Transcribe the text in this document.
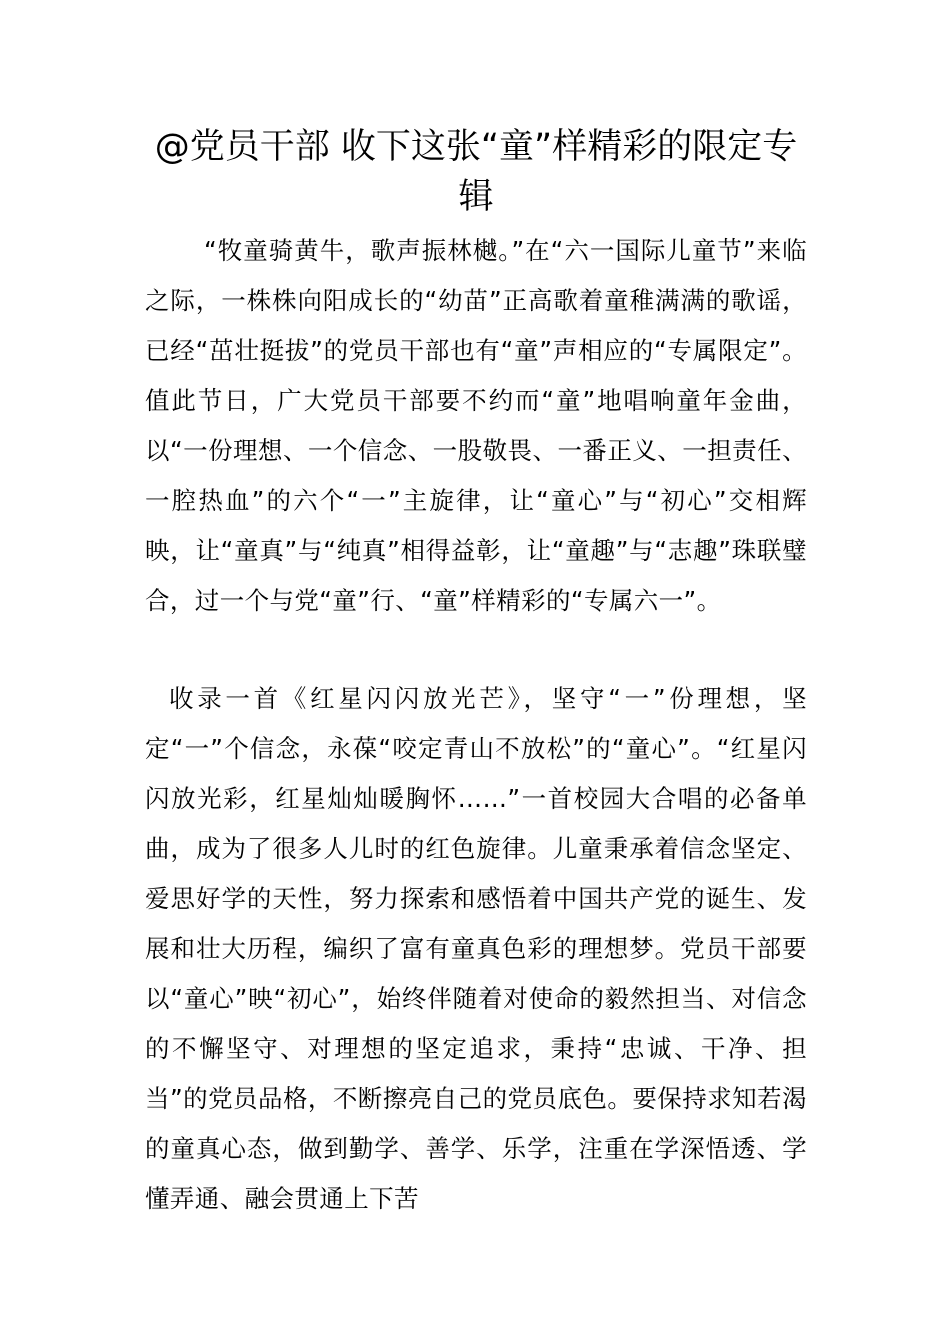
@党员干部 收下这张“童”样精彩的限定专辑

“牧童骑黄牛，歌声振林樾。”在“六一国际儿童节”来临之际，一株株向阳成长的“幼苗”正高歌着童稚满满的歌谣，已经“茁壮挺拔”的党员干部也有“童”声相应的“专属限定”。值此节日，广大党员干部要不约而“童”地唱响童年金曲，以“一份理想、一个信念、一股敬畏、一番正义、一担责任、一腔热血”的六个“一”主旋律，让“童心”与“初心”交相辉映，让“童真”与“纯真”相得益彰，让“童趣”与“志趣”珠联璧合，过一个与党“童”行、“童”样精彩的“专属六一”。

收录一首《红星闪闪放光芒》，坚守“一”份理想，坚定“一”个信念，永葆“咬定青山不放松”的“童心”。“红星闪闪放光彩，红星灿灿暖胸怀……”一首校园大合唱的必备单曲，成为了很多人儿时的红色旋律。儿童秉承着信念坚定、爱思好学的天性，努力探索和感悟着中国共产党的诞生、发展和壮大历程，编织了富有童真色彩的理想梦。党员干部要以“童心”映“初心”，始终伴随着对使命的毅然担当、对信念的不懈坚守、对理想的坚定追求，秉持“忠诚、干净、担当”的党员品格，不断擦亮自己的党员底色。要保持求知若渴的童真心态，做到勤学、善学、乐学，注重在学深悟透、学懂弄通、融会贯通上下苦
